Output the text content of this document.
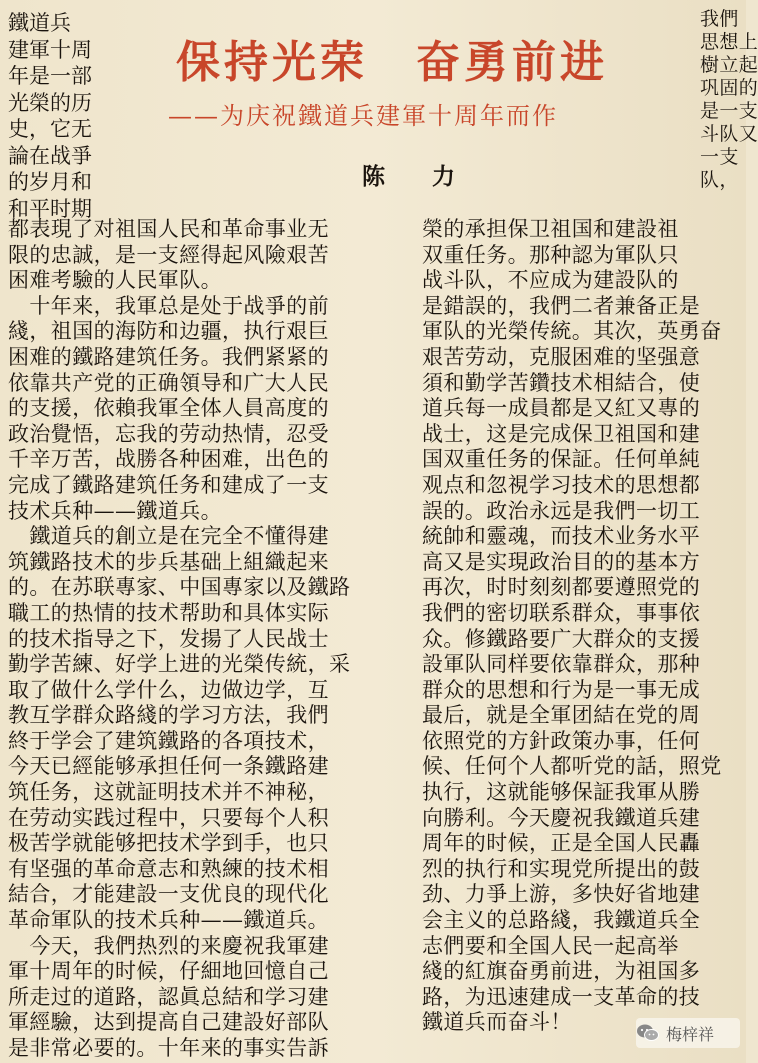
鐵道兵
建軍十周
年是一部
光榮的历
史，它无
論在战爭
的岁月和
和平时期
保持光荣　奋勇前进
——为庆祝鐵道兵建軍十周年而作
陈　力
都表現了对祖国人民和革命事业无
限的忠誠，是一支經得起风險艰苦
困难考驗的人民軍队。
　十年来，我軍总是处于战爭的前
綫，祖国的海防和边疆，执行艰巨
困难的鐵路建筑任务。我們紧紧的
依靠共产党的正确領导和广大人民
的支援，依賴我軍全体人員高度的
政治覺悟，忘我的劳动热情，忍受
千辛万苦，战勝各种困难，出色的
完成了鐵路建筑任务和建成了一支
技术兵种——鐵道兵。
　鐵道兵的創立是在完全不懂得建
筑鐵路技术的步兵基础上組織起来
的。在苏联專家、中国專家以及鐵路
職工的热情的技术帮助和具体实际
的技术指导之下，发揚了人民战士
勤学苦練、好学上进的光榮传統，采
取了做什么学什么，边做边学，互
教互学群众路綫的学习方法，我們
終于学会了建筑鐵路的各項技术，
今天已經能够承担任何一条鐵路建
筑任务，这就証明技术并不神秘，
在劳动实践过程中，只要每个人积
极苦学就能够把技术学到手，也只
有坚强的革命意志和熟練的技术相
結合，才能建設一支优良的现代化
革命軍队的技术兵种——鐵道兵。
　今天，我們热烈的来慶祝我軍建
軍十周年的时候，仔細地回憶自己
所走过的道路，認眞总結和学习建
軍經驗，达到提高自己建設好部队
是非常必要的。十年来的事实告訴
榮的承担保卫祖国和建設祖
双重任务。那种認为軍队只
战斗队，不应成为建設队的
是錯誤的，我們二者兼备正是
軍队的光榮传統。其次，英勇奋
艰苦劳动，克服困难的坚强意
須和勤学苦鑽技术相結合，使
道兵每一成員都是又紅又專的
战士，这是完成保卫祖国和建
国双重任务的保証。任何单純
观点和忽視学习技术的思想都
誤的。政治永远是我們一切工
統帥和靈魂，而技术业务水平
高又是实現政治目的的基本方
再次，时时刻刻都要遵照党的
我們的密切联系群众，事事依
众。修鐵路要广大群众的支援
設軍队同样要依靠群众，那种
群众的思想和行为是一事无成
最后，就是全軍团結在党的周
依照党的方針政策办事，任何
候、任何个人都听党的話，照党
执行，这就能够保証我軍从勝
向勝利。今天慶祝我鐵道兵建
周年的时候，正是全国人民轟
烈的执行和实現党所提出的鼓
劲、力爭上游，多快好省地建
会主义的总路綫，我鐵道兵全
志們要和全国人民一起高举
綫的紅旗奋勇前进，为祖国多
路，为迅速建成一支革命的技
鐵道兵而奋斗！
我們
思想上
樹立起
巩固的
是一支
斗队又
一支
队，
梅梓祥
